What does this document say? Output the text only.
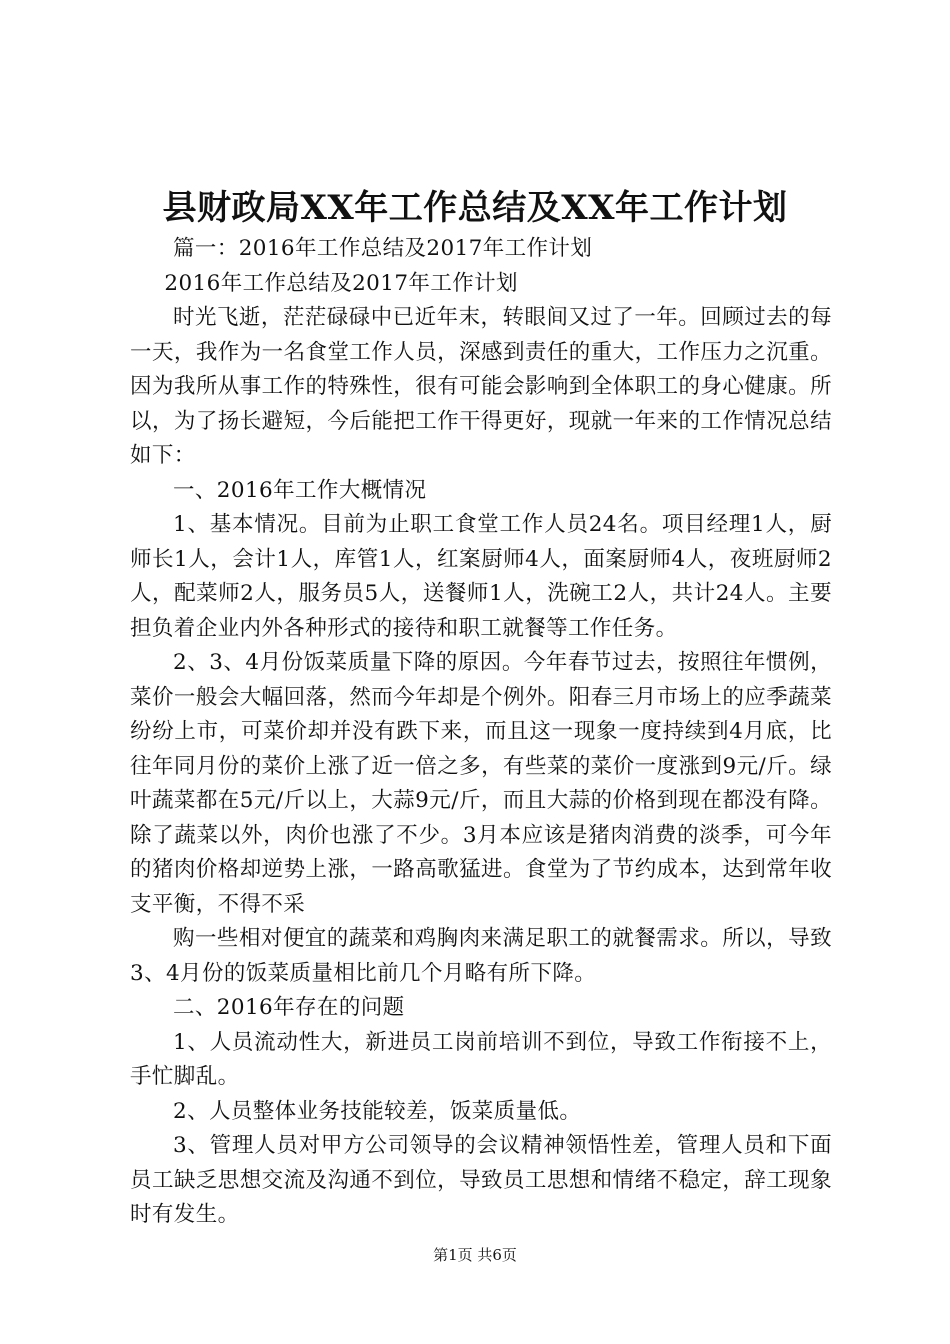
县财政局XX年工作总结及XX年工作计划

篇一：2016年工作总结及2017年工作计划

2016年工作总结及2017年工作计划

时光飞逝，茫茫碌碌中已近年末，转眼间又过了一年。回顾过去的每一天，我作为一名食堂工作人员，深感到责任的重大，工作压力之沉重。因为我所从事工作的特殊性，很有可能会影响到全体职工的身心健康。所以，为了扬长避短，今后能把工作干得更好，现就一年来的工作情况总结如下：

一、2016年工作大概情况

1、基本情况。目前为止职工食堂工作人员24名。项目经理1人，厨师长1人，会计1人，库管1人，红案厨师4人，面案厨师4人，夜班厨师2人，配菜师2人，服务员5人，送餐师1人，洗碗工2人，共计24人。主要担负着企业内外各种形式的接待和职工就餐等工作任务。

2、3、4月份饭菜质量下降的原因。今年春节过去，按照往年惯例，菜价一般会大幅回落，然而今年却是个例外。阳春三月市场上的应季蔬菜纷纷上市，可菜价却并没有跌下来，而且这一现象一度持续到4月底，比往年同月份的菜价上涨了近一倍之多，有些菜的菜价一度涨到9元/斤。绿叶蔬菜都在5元/斤以上，大蒜9元/斤，而且大蒜的价格到现在都没有降。除了蔬菜以外，肉价也涨了不少。3月本应该是猪肉消费的淡季，可今年的猪肉价格却逆势上涨，一路高歌猛进。食堂为了节约成本，达到常年收支平衡，不得不采

购一些相对便宜的蔬菜和鸡胸肉来满足职工的就餐需求。所以，导致3、4月份的饭菜质量相比前几个月略有所下降。

二、2016年存在的问题

1、人员流动性大，新进员工岗前培训不到位，导致工作衔接不上，手忙脚乱。

2、人员整体业务技能较差，饭菜质量低。

3、管理人员对甲方公司领导的会议精神领悟性差，管理人员和下面员工缺乏思想交流及沟通不到位，导致员工思想和情绪不稳定，辞工现象时有发生。

第1页 共6页
